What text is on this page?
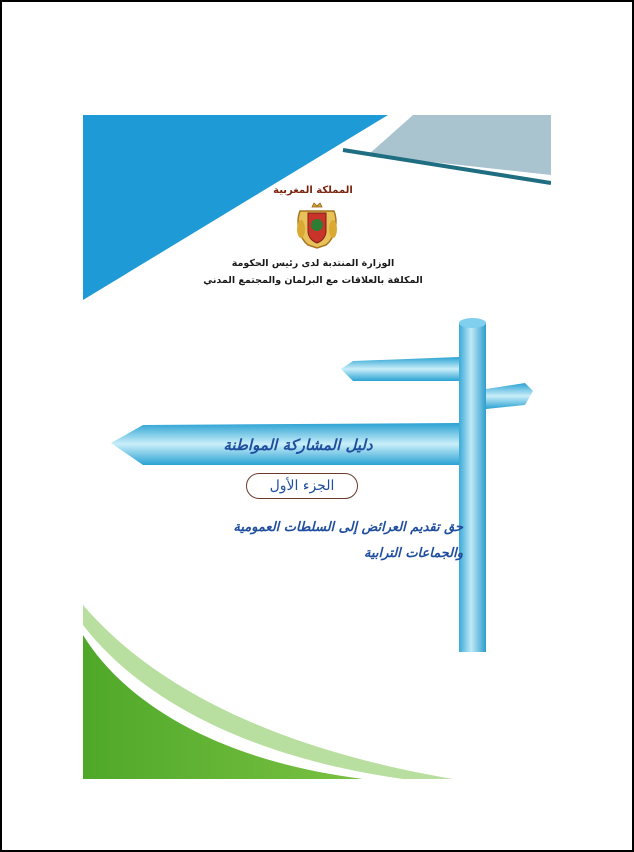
المملكة المغربية
الوزارة المنتدبة لدى رئيس الحكومة
المكلفة بالعلاقات مع البرلمان والمجتمع المدني
دليل المشاركة المواطنة
الجزء الأول
حق تقديم العرائض إلى السلطات العمومية
والجماعات الترابية
